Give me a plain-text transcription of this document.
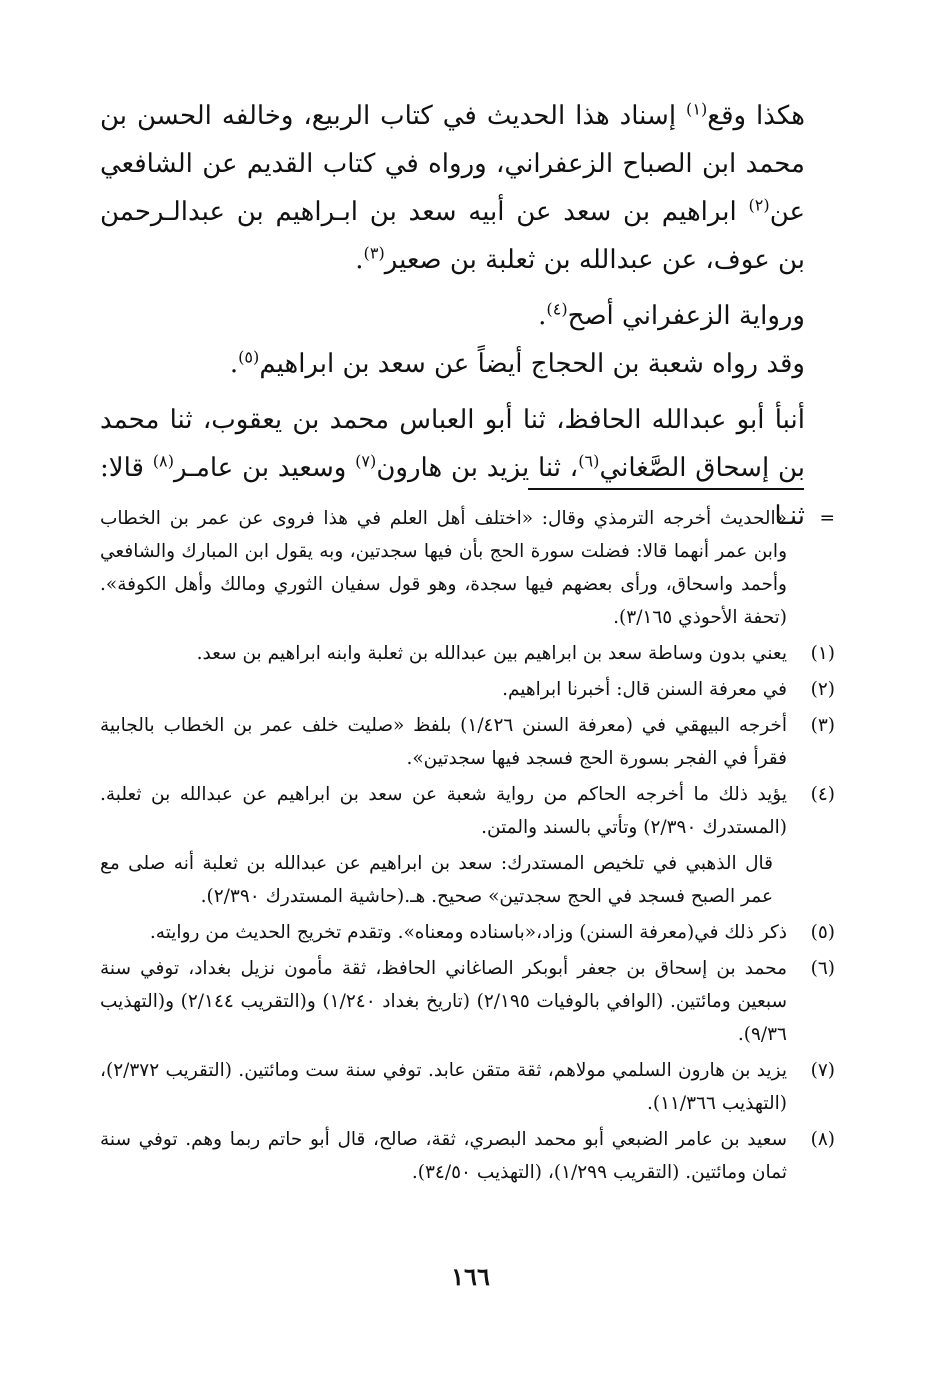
هكذا وقع$^{(١)}$ إسناد هذا الحديث في كتاب الربيع، وخالفه الحسن بن محمد ابن الصباح الزعفراني، ورواه في كتاب القديم عن الشافعي عن$^{(٢)}$ ابراهيم بن سعد عن أبيه سعد بن ابـراهيم بن عبدالـرحمن بن عوف، عن عبدالله بن ثعلبة بن صعير$^{(٣)}$.

ورواية الزعفراني أصح$^{(٤)}$.

وقد رواه شعبة بن الحجاج أيضاً عن سعد بن ابراهيم$^{(٥)}$.

أنبأ أبو عبدالله الحافظ، ثنا أبو العباس محمد بن يعقوب، ثنا محمد بن إسحاق الصَّغاني$^{(٦)}$، ثنا يزيد بن هارون$^{(٧)}$ وسعيد بن عامـر$^{(٨)}$ قالا: ثنـا =
«الحديث أخرجه الترمذي وقال: «اختلف أهل العلم في هذا فروى عن عمر بن الخطاب وابن عمر أنهما قالا: فضلت سورة الحج بأن فيها سجدتين، وبه يقول ابن المبارك والشافعي وأحمد واسحاق، ورأى بعضهم فيها سجدة، وهو قول سفيان الثوري ومالك وأهل الكوفة». (تحفة الأحوذي ٣/١٦٥).
(١)
يعني بدون وساطة سعد بن ابراهيم بين عبدالله بن ثعلبة وابنه ابراهيم بن سعد.
(٢)
في معرفة السنن قال: أخبرنا ابراهيم.
(٣)
أخرجه البيهقي في (معرفة السنن ١/٤٢٦) بلفظ «صليت خلف عمر بن الخطاب بالجابية فقرأ في الفجر بسورة الحج فسجد فيها سجدتين».
(٤)
يؤيد ذلك ما أخرجه الحاكم من رواية شعبة عن سعد بن ابراهيم عن عبدالله بن ثعلبة. (المستدرك ٢/٣٩٠) وتأتي بالسند والمتن.
قال الذهبي في تلخيص المستدرك: سعد بن ابراهيم عن عبدالله بن ثعلبة أنه صلى مع عمر الصبح فسجد في الحج سجدتين» صحيح. هـ.(حاشية المستدرك ٢/٣٩٠).
(٥)
ذكر ذلك في(معرفة السنن) وزاد،«باسناده ومعناه». وتقدم تخريج الحديث من روايته.
(٦)
محمد بن إسحاق بن جعفر أبوبكر الصاغاني الحافظ، ثقة مأمون نزيل بغداد، توفي سنة سبعين ومائتين. (الوافي بالوفيات ٢/١٩٥) (تاريخ بغداد ١/٢٤٠) و(التقريب ٢/١٤٤) و(التهذيب ٩/٣٦).
(٧)
يزيد بن هارون السلمي مولاهم، ثقة متقن عابد. توفي سنة ست ومائتين. (التقريب ٢/٣٧٢)، (التهذيب ١١/٣٦٦).
(٨)
سعيد بن عامر الضبعي أبو محمد البصري، ثقة، صالح، قال أبو حاتم ربما وهم. توفي سنة ثمان ومائتين. (التقريب ١/٢٩٩)، (التهذيب ٣٤/٥٠).
١٦٦
